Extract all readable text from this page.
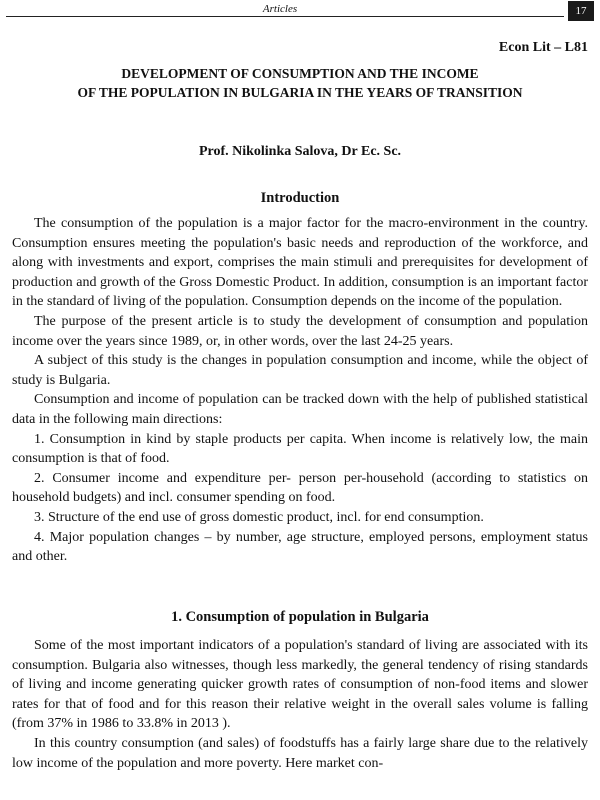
Articles	17
Econ Lit – L81
DEVELOPMENT OF CONSUMPTION AND THE INCOME
OF THE POPULATION IN BULGARIA IN THE YEARS OF TRANSITION
Prof. Nikolinka Salova, Dr Ec. Sc.
Introduction

The consumption of the population is a major factor for the macro-environment in the country. Consumption ensures meeting the population's basic needs and reproduction of the workforce, and along with investments and export, comprises the main stimuli and prerequisites for development of production and growth of the Gross Domestic Product. In addition, consumption is an important factor in the standard of living of the population. Consumption depends on the income of the population.

The purpose of the present article is to study the development of consumption and population income over the years since 1989, or, in other words, over the last 24-25 years.

A subject of this study is the changes in population consumption and income, while the object of study is Bulgaria.

Consumption and income of population can be tracked down with the help of published statistical data in the following main directions:

1. Consumption in kind by staple products per capita. When income is relatively low, the main consumption is that of food.

2. Consumer income and expenditure per- person per-household (according to statistics on household budgets) and incl. consumer spending on food.

3. Structure of the end use of gross domestic product, incl. for end consumption.

4. Major population changes – by number, age structure, employed persons, employment status and other.

1. Consumption of population in Bulgaria

Some of the most important indicators of a population's standard of living are associated with its consumption. Bulgaria also witnesses, though less markedly, the general tendency of rising standards of living and income generating quicker growth rates of consumption of non-food items and slower rates for that of food and for this reason their relative weight in the overall sales volume is falling (from 37% in 1986 to 33.8% in 2013 ).

In this country consumption (and sales) of foodstuffs has a fairly large share due to the relatively low income of the population and more poverty. Here market con-
